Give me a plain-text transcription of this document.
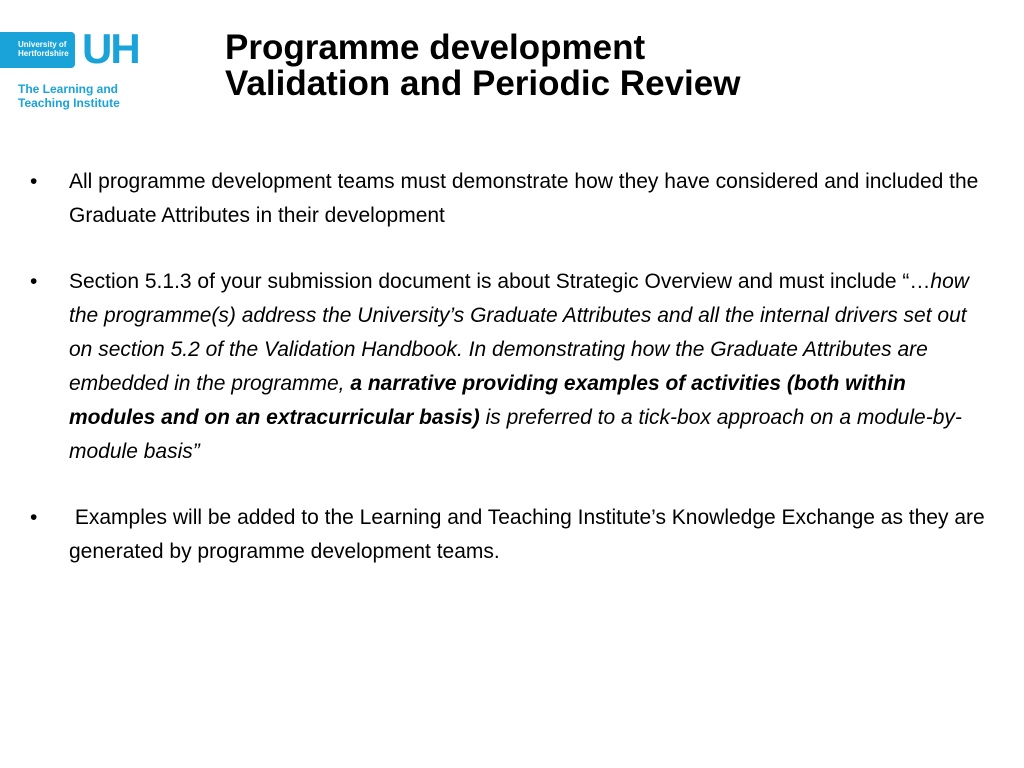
University of
Hertfordshire UH
The Learning and
Teaching Institute
Programme development
Validation and Periodic Review
•	All programme development teams must demonstrate how they have considered and included the Graduate Attributes in their development
•	Section 5.1.3 of your submission document is about Strategic Overview and must include “…how the programme(s) address the University’s Graduate Attributes and all the internal drivers set out on section 5.2 of the Validation Handbook. In demonstrating how the Graduate Attributes are embedded in the programme, a narrative providing examples of activities (both within modules and on an extracurricular basis) is preferred to a tick-box approach on a module-by-module basis”
•	Examples will be added to the Learning and Teaching Institute’s Knowledge Exchange as they are generated by programme development teams.
